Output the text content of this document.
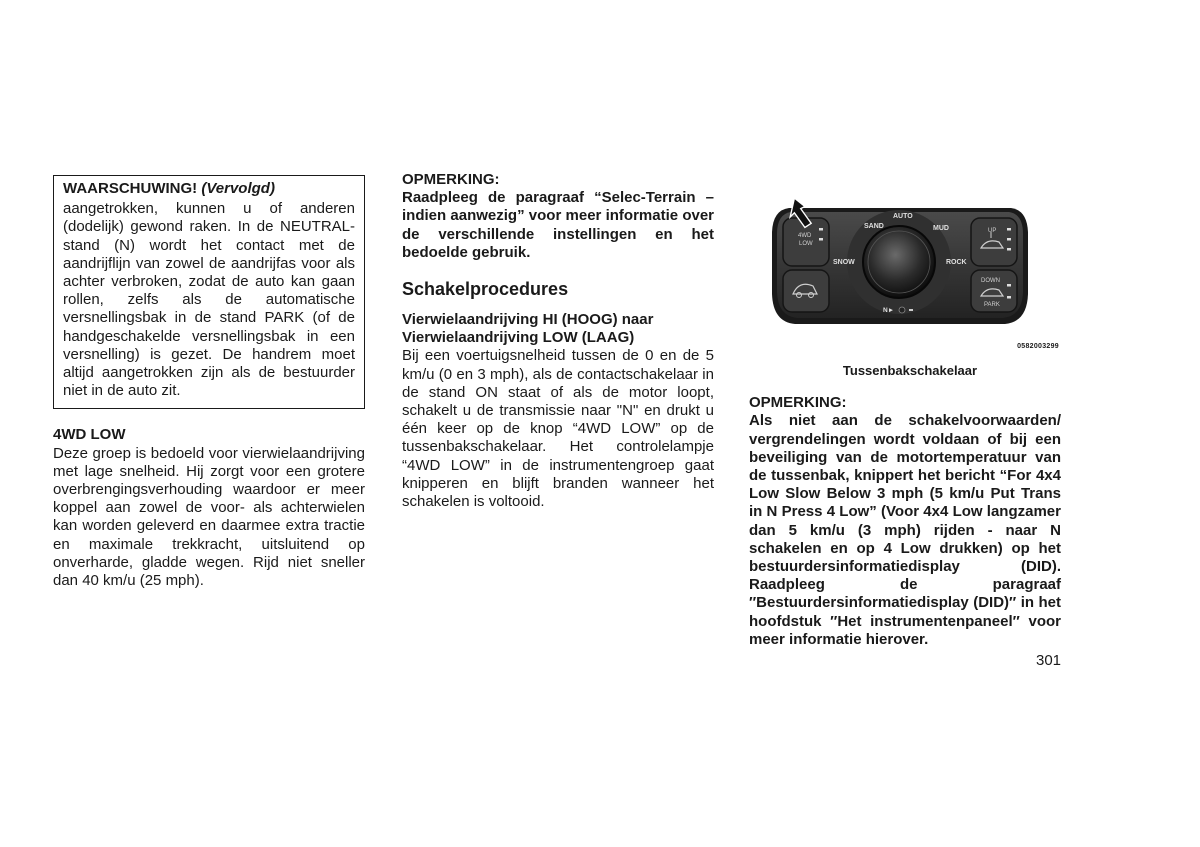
WAARSCHUWING! (Vervolgd)

aangetrokken, kunnen u of anderen (dodelijk) gewond raken. In de NEUTRAL-stand (N) wordt het contact met de aandrijflijn van zowel de aandrijfas voor als achter verbroken, zodat de auto kan gaan rollen, zelfs als de automatische versnellingsbak in de stand PARK (of de handgeschakelde versnellingsbak in een versnelling) is gezet. De handrem moet altijd aangetrokken zijn als de bestuurder niet in de auto zit.

4WD LOW

Deze groep is bedoeld voor vierwielaandrijving met lage snelheid. Hij zorgt voor een grotere overbrengingsverhouding waardoor er meer koppel aan zowel de voor- als achterwielen kan worden geleverd en daarmee extra tractie en maximale trekkracht, uitsluitend op onverharde, gladde wegen. Rijd niet sneller dan 40 km/u (25 mph).

OPMERKING:

Raadpleeg de paragraaf “Selec-Terrain – indien aanwezig” voor meer informatie over de verschillende instellingen en het bedoelde gebruik.

Schakelprocedures
Vierwielaandrijving HI (HOOG) naar
Vierwielaandrijving LOW (LAAG)

Bij een voertuigsnelheid tussen de 0 en de 5 km/u (0 en 3 mph), als de contactschakelaar in de stand ON staat of als de motor loopt, schakelt u de transmissie naar "N" en drukt u één keer op de knop “4WD LOW” op de tussenbakschakelaar. Het controlelampje “4WD LOW” in de instrumentengroep gaat knipperen en blijft branden wanneer het schakelen is voltooid.

SAND
AUTO
MUD
SNOW	ROCK
4WD
LOW
UP
DOWN
PARK
N►
0582003299
Tussenbakschakelaar
OPMERKING:

Als niet aan de schakelvoorwaarden/ vergrendelingen wordt voldaan of bij een beveiliging van de motortemperatuur van de tussenbak, knippert het bericht “For 4x4 Low Slow Below 3 mph (5 km/u Put Trans in N Press 4 Low” (Voor 4x4 Low langzamer dan 5 km/u (3 mph) rijden - naar N schakelen en op 4 Low drukken) op het bestuurdersinformatiedisplay (DID). Raadpleeg de paragraaf ″Bestuurdersinformatiedisplay (DID)″ in het hoofdstuk ″Het instrumentenpaneel″ voor meer informatie hierover.

301
